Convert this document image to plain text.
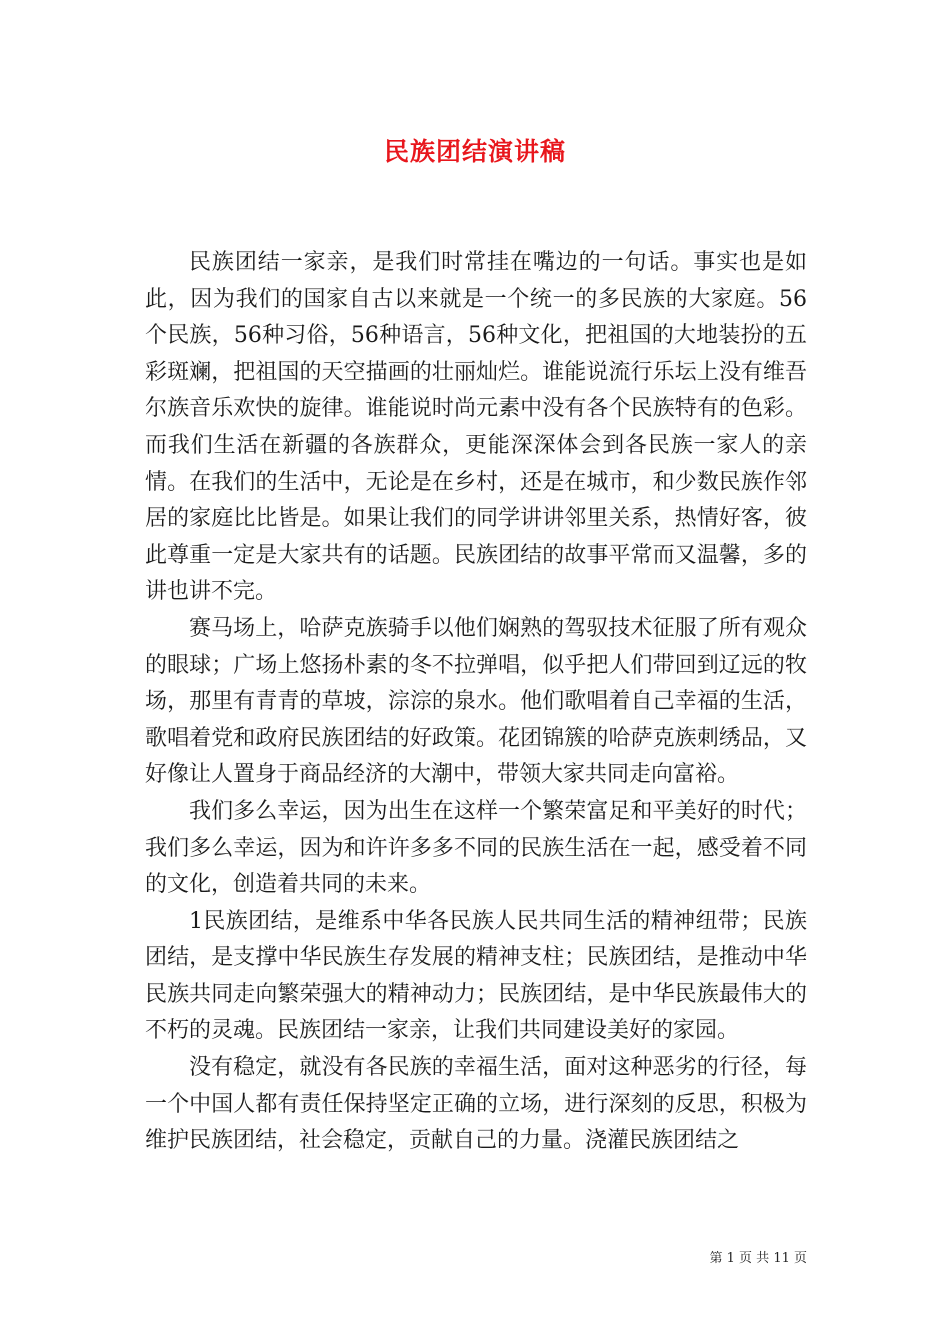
民族团结演讲稿

民族团结一家亲，是我们时常挂在嘴边的一句话。事实也是如此，因为我们的国家自古以来就是一个统一的多民族的大家庭。56个民族，56种习俗，56种语言，56种文化，把祖国的大地装扮的五彩斑斓，把祖国的天空描画的壮丽灿烂。谁能说流行乐坛上没有维吾尔族音乐欢快的旋律。谁能说时尚元素中没有各个民族特有的色彩。而我们生活在新疆的各族群众，更能深深体会到各民族一家人的亲情。在我们的生活中，无论是在乡村，还是在城市，和少数民族作邻居的家庭比比皆是。如果让我们的同学讲讲邻里关系，热情好客，彼此尊重一定是大家共有的话题。民族团结的故事平常而又温馨，多的讲也讲不完。

赛马场上，哈萨克族骑手以他们娴熟的驾驭技术征服了所有观众的眼球；广场上悠扬朴素的冬不拉弹唱，似乎把人们带回到辽远的牧场，那里有青青的草坡，淙淙的泉水。他们歌唱着自己幸福的生活，歌唱着党和政府民族团结的好政策。花团锦簇的哈萨克族刺绣品，又好像让人置身于商品经济的大潮中，带领大家共同走向富裕。

我们多么幸运，因为出生在这样一个繁荣富足和平美好的时代；我们多么幸运，因为和许许多多不同的民族生活在一起，感受着不同的文化，创造着共同的未来。

1民族团结，是维系中华各民族人民共同生活的精神纽带；民族团结，是支撑中华民族生存发展的精神支柱；民族团结，是推动中华民族共同走向繁荣强大的精神动力；民族团结，是中华民族最伟大的不朽的灵魂。民族团结一家亲，让我们共同建设美好的家园。

没有稳定，就没有各民族的幸福生活，面对这种恶劣的行径，每一个中国人都有责任保持坚定正确的立场，进行深刻的反思，积极为维护民族团结，社会稳定，贡献自己的力量。浇灌民族团结之

第 1 页 共 11 页
